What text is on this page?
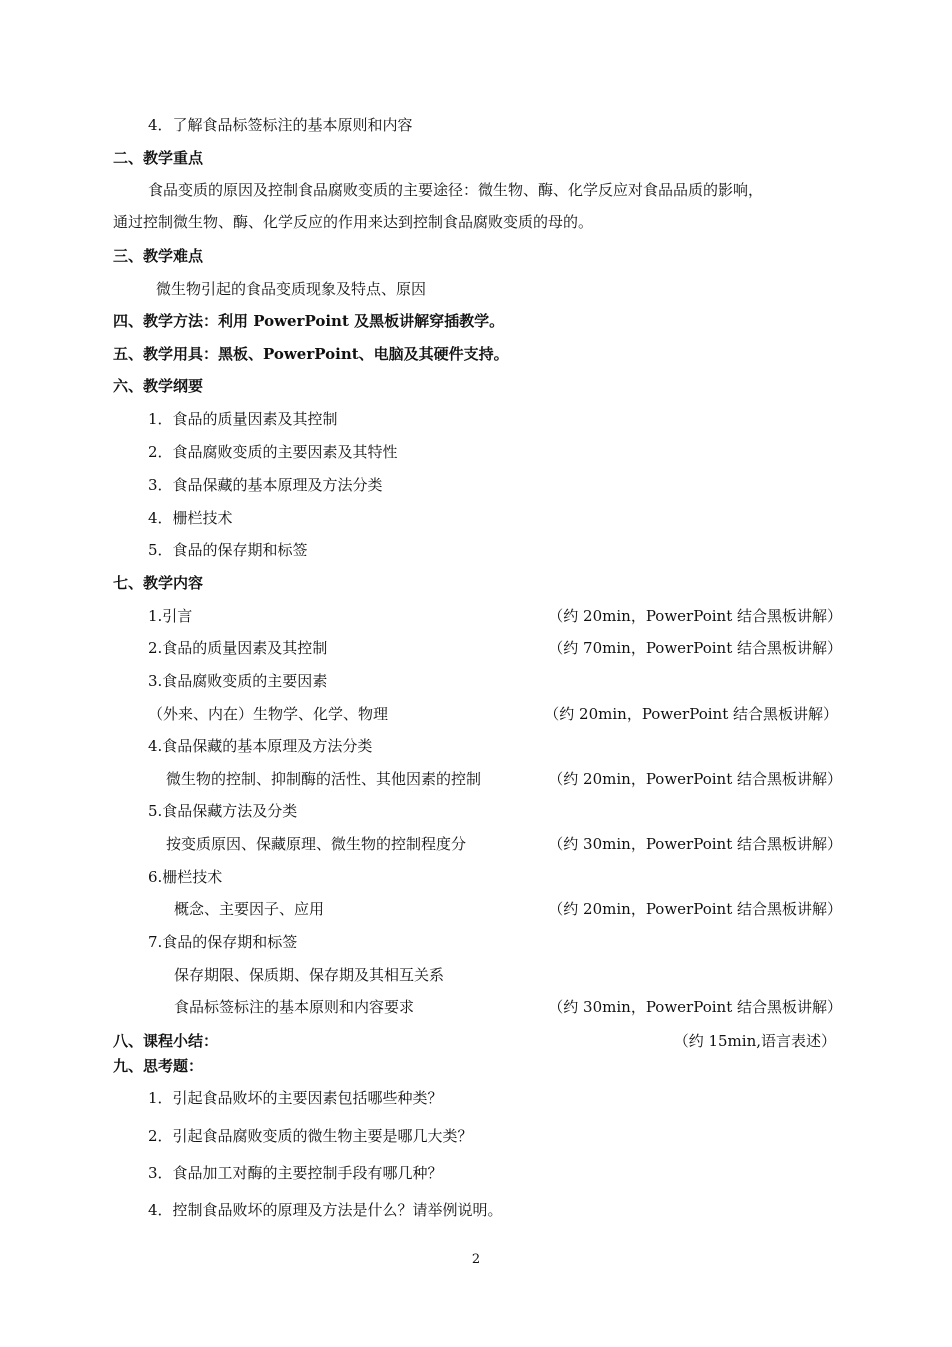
4．了解食品标签标注的基本原则和内容
二、教学重点
食品变质的原因及控制食品腐败变质的主要途径：微生物、酶、化学反应对食品品质的影响，
通过控制微生物、酶、化学反应的作用来达到控制食品腐败变质的母的。
三、教学难点
微生物引起的食品变质现象及特点、原因
四、教学方法：利用 PowerPoint 及黑板讲解穿插教学。
五、教学用具：黑板、PowerPoint、电脑及其硬件支持。
六、教学纲要
1．食品的质量因素及其控制
2．食品腐败变质的主要因素及其特性
3．食品保藏的基本原理及方法分类
4．栅栏技术
5．食品的保存期和标签
七、教学内容
1.引言	（约 20min，PowerPoint 结合黑板讲解）
2.食品的质量因素及其控制	（约 70min，PowerPoint 结合黑板讲解）
3.食品腐败变质的主要因素
（外来、内在）生物学、化学、物理	（约 20min，PowerPoint 结合黑板讲解）
4.食品保藏的基本原理及方法分类
微生物的控制、抑制酶的活性、其他因素的控制	（约 20min，PowerPoint 结合黑板讲解）
5.食品保藏方法及分类
按变质原因、保藏原理、微生物的控制程度分	（约 30min，PowerPoint 结合黑板讲解）
6.栅栏技术
概念、主要因子、应用	（约 20min，PowerPoint 结合黑板讲解）
7.食品的保存期和标签
保存期限、保质期、保存期及其相互关系
食品标签标注的基本原则和内容要求	（约 30min，PowerPoint 结合黑板讲解）
八、课程小结：	（约 15min,语言表述）
九、思考题：
1．引起食品败坏的主要因素包括哪些种类？
2．引起食品腐败变质的微生物主要是哪几大类？
3．食品加工对酶的主要控制手段有哪几种？
4．控制食品败坏的原理及方法是什么？请举例说明。
2
